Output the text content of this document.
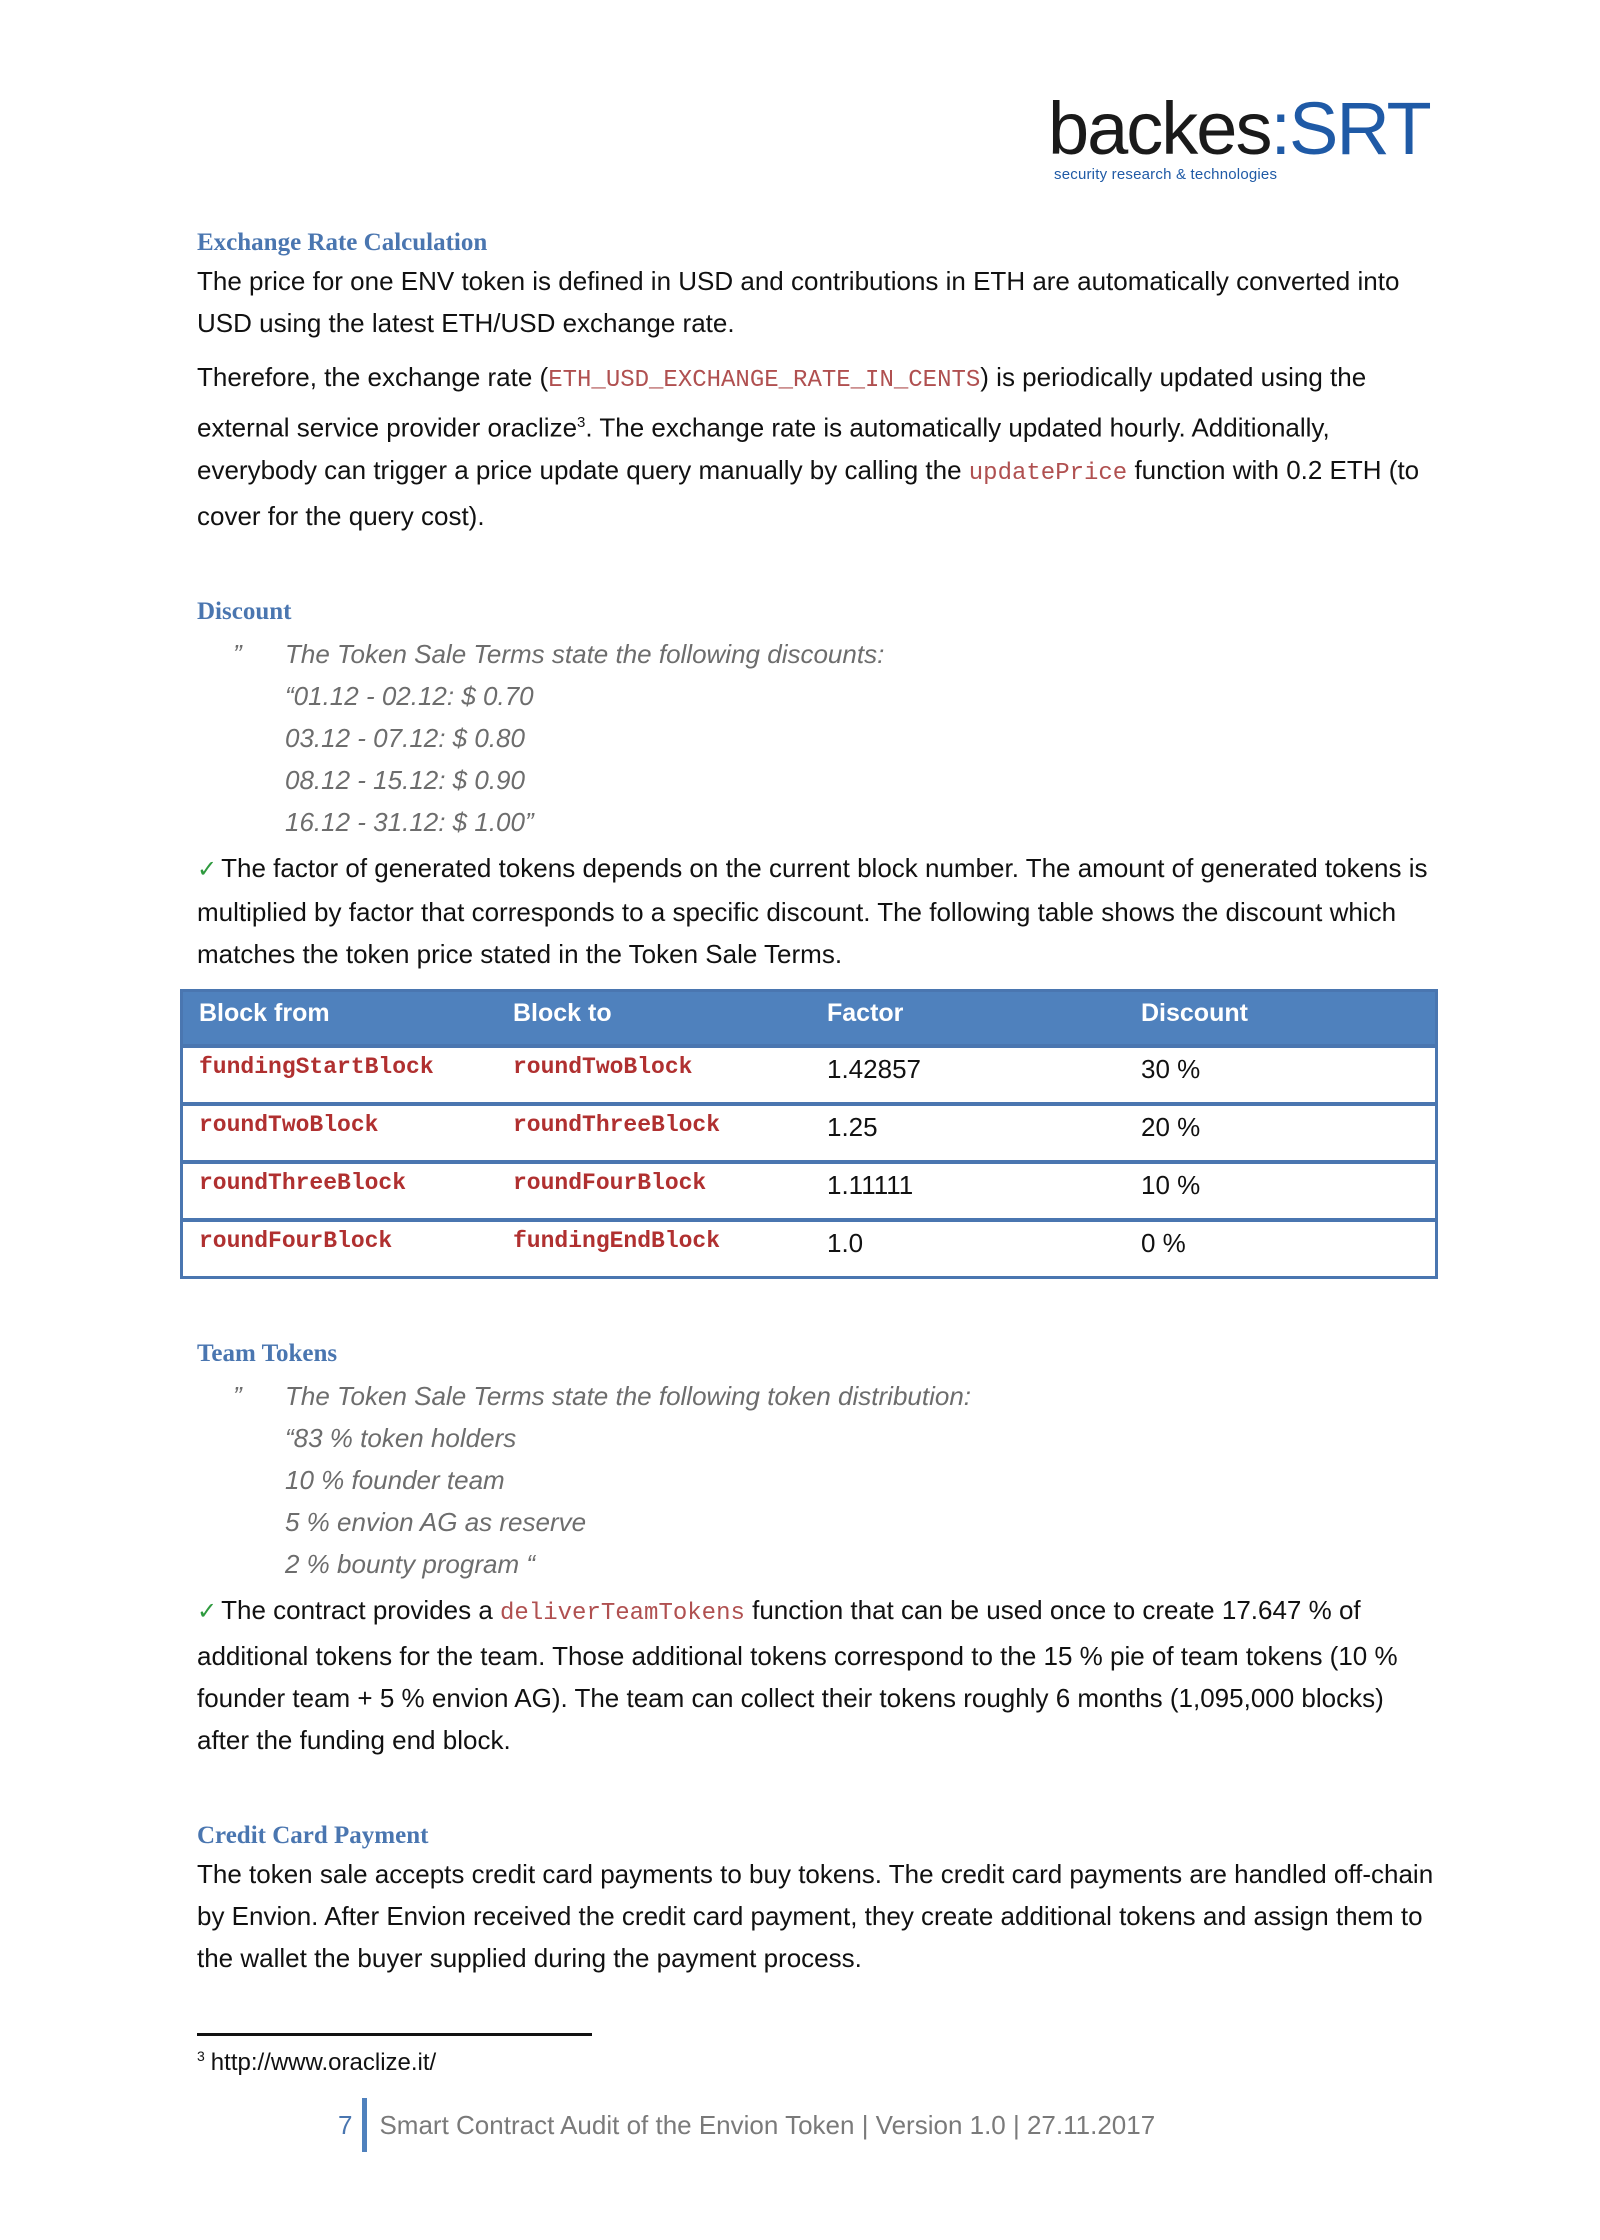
backes:SRT
security research & technologies
Exchange Rate Calculation

The price for one ENV token is defined in USD and contributions in ETH are automatically converted into USD using the latest ETH/USD exchange rate.

Therefore, the exchange rate (ETH_USD_EXCHANGE_RATE_IN_CENTS) is periodically updated using the external service provider oraclize$^3$. The exchange rate is automatically updated hourly. Additionally, everybody can trigger a price update query manually by calling the updatePrice function with 0.2 ETH (to cover for the query cost).

Discount
” The Token Sale Terms state the following discounts:
“01.12 - 02.12: $ 0.70
03.12 - 07.12: $ 0.80
08.12 - 15.12: $ 0.90
16.12 - 31.12: $ 1.00”

✓ The factor of generated tokens depends on the current block number. The amount of generated tokens is multiplied by factor that corresponds to a specific discount. The following table shows the discount which matches the token price stated in the Token Sale Terms.

Block from	Block to	Factor	Discount
fundingStartBlock	roundTwoBlock	1.42857	30 %
roundTwoBlock	roundThreeBlock	1.25	20 %
roundThreeBlock	roundFourBlock	1.11111	10 %
roundFourBlock	fundingEndBlock	1.0	0 %
Team Tokens
” The Token Sale Terms state the following token distribution:
“83 % token holders
10 % founder team
5 % envion AG as reserve
2 % bounty program “

✓ The contract provides a deliverTeamTokens function that can be used once to create 17.647 % of additional tokens for the team. Those additional tokens correspond to the 15 % pie of team tokens (10 % founder team + 5 % envion AG). The team can collect their tokens roughly 6 months (1,095,000 blocks) after the funding end block.

Credit Card Payment

The token sale accepts credit card payments to buy tokens. The credit card payments are handled off-chain by Envion. After Envion received the credit card payment, they create additional tokens and assign them to the wallet the buyer supplied during the payment process.

$^3$ http://www.oraclize.it/
7 Smart Contract Audit of the Envion Token | Version 1.0 | 27.11.2017
